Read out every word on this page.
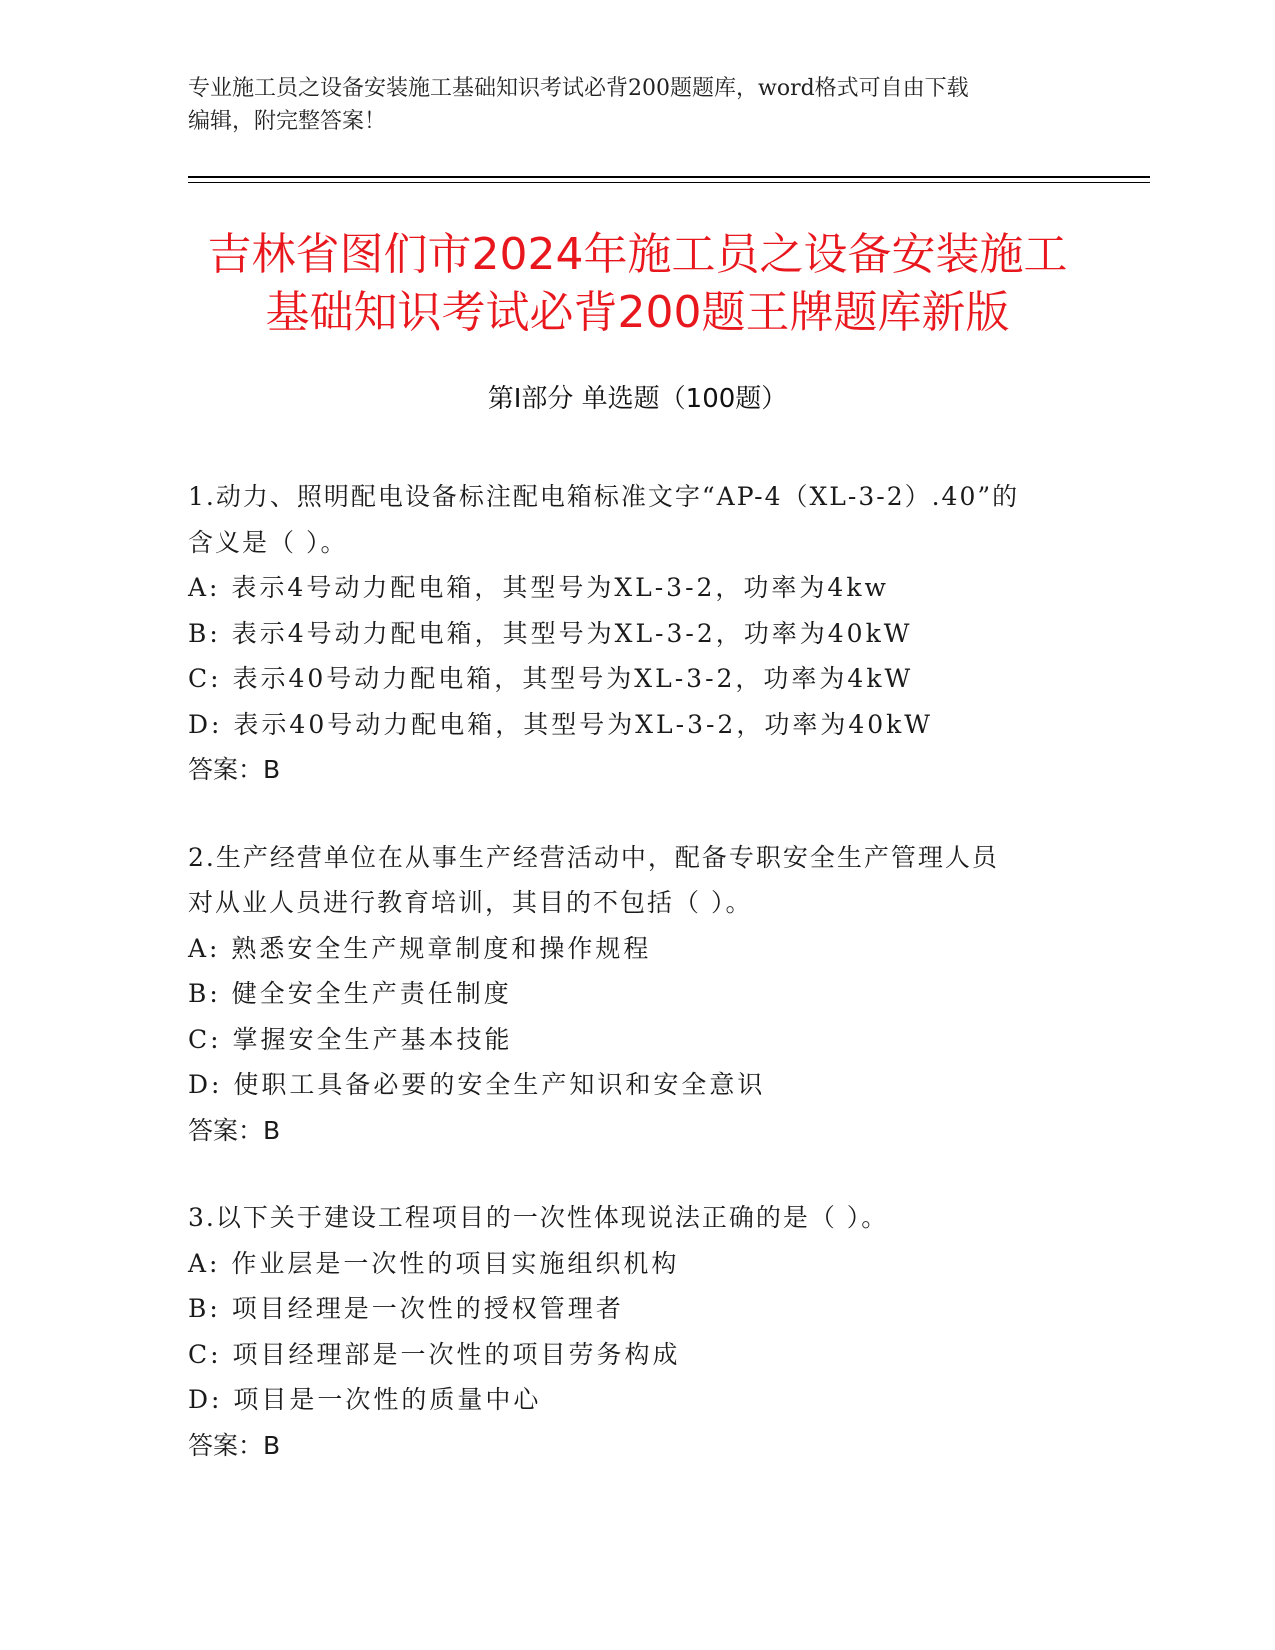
专业施工员之设备安装施工基础知识考试必背200题题库，word格式可自由下载
编辑，附完整答案！
吉林省图们市2024年施工员之设备安装施工
基础知识考试必背200题王牌题库新版
第Ⅰ部分 单选题（100题）
1.动力、照明配电设备标注配电箱标准文字“AP-4（XL-3-2）.40”的
含义是（ ）。
A: 表示4号动力配电箱，其型号为XL-3-2，功率为4kw
B: 表示4号动力配电箱，其型号为XL-3-2，功率为40kW
C: 表示40号动力配电箱，其型号为XL-3-2，功率为4kW
D: 表示40号动力配电箱，其型号为XL-3-2，功率为40kW
答案：B
2.生产经营单位在从事生产经营活动中，配备专职安全生产管理人员
对从业人员进行教育培训，其目的不包括（ ）。
A: 熟悉安全生产规章制度和操作规程
B: 健全安全生产责任制度
C: 掌握安全生产基本技能
D: 使职工具备必要的安全生产知识和安全意识
答案：B
3.以下关于建设工程项目的一次性体现说法正确的是（ ）。
A: 作业层是一次性的项目实施组织机构
B: 项目经理是一次性的授权管理者
C: 项目经理部是一次性的项目劳务构成
D: 项目是一次性的质量中心
答案：B
